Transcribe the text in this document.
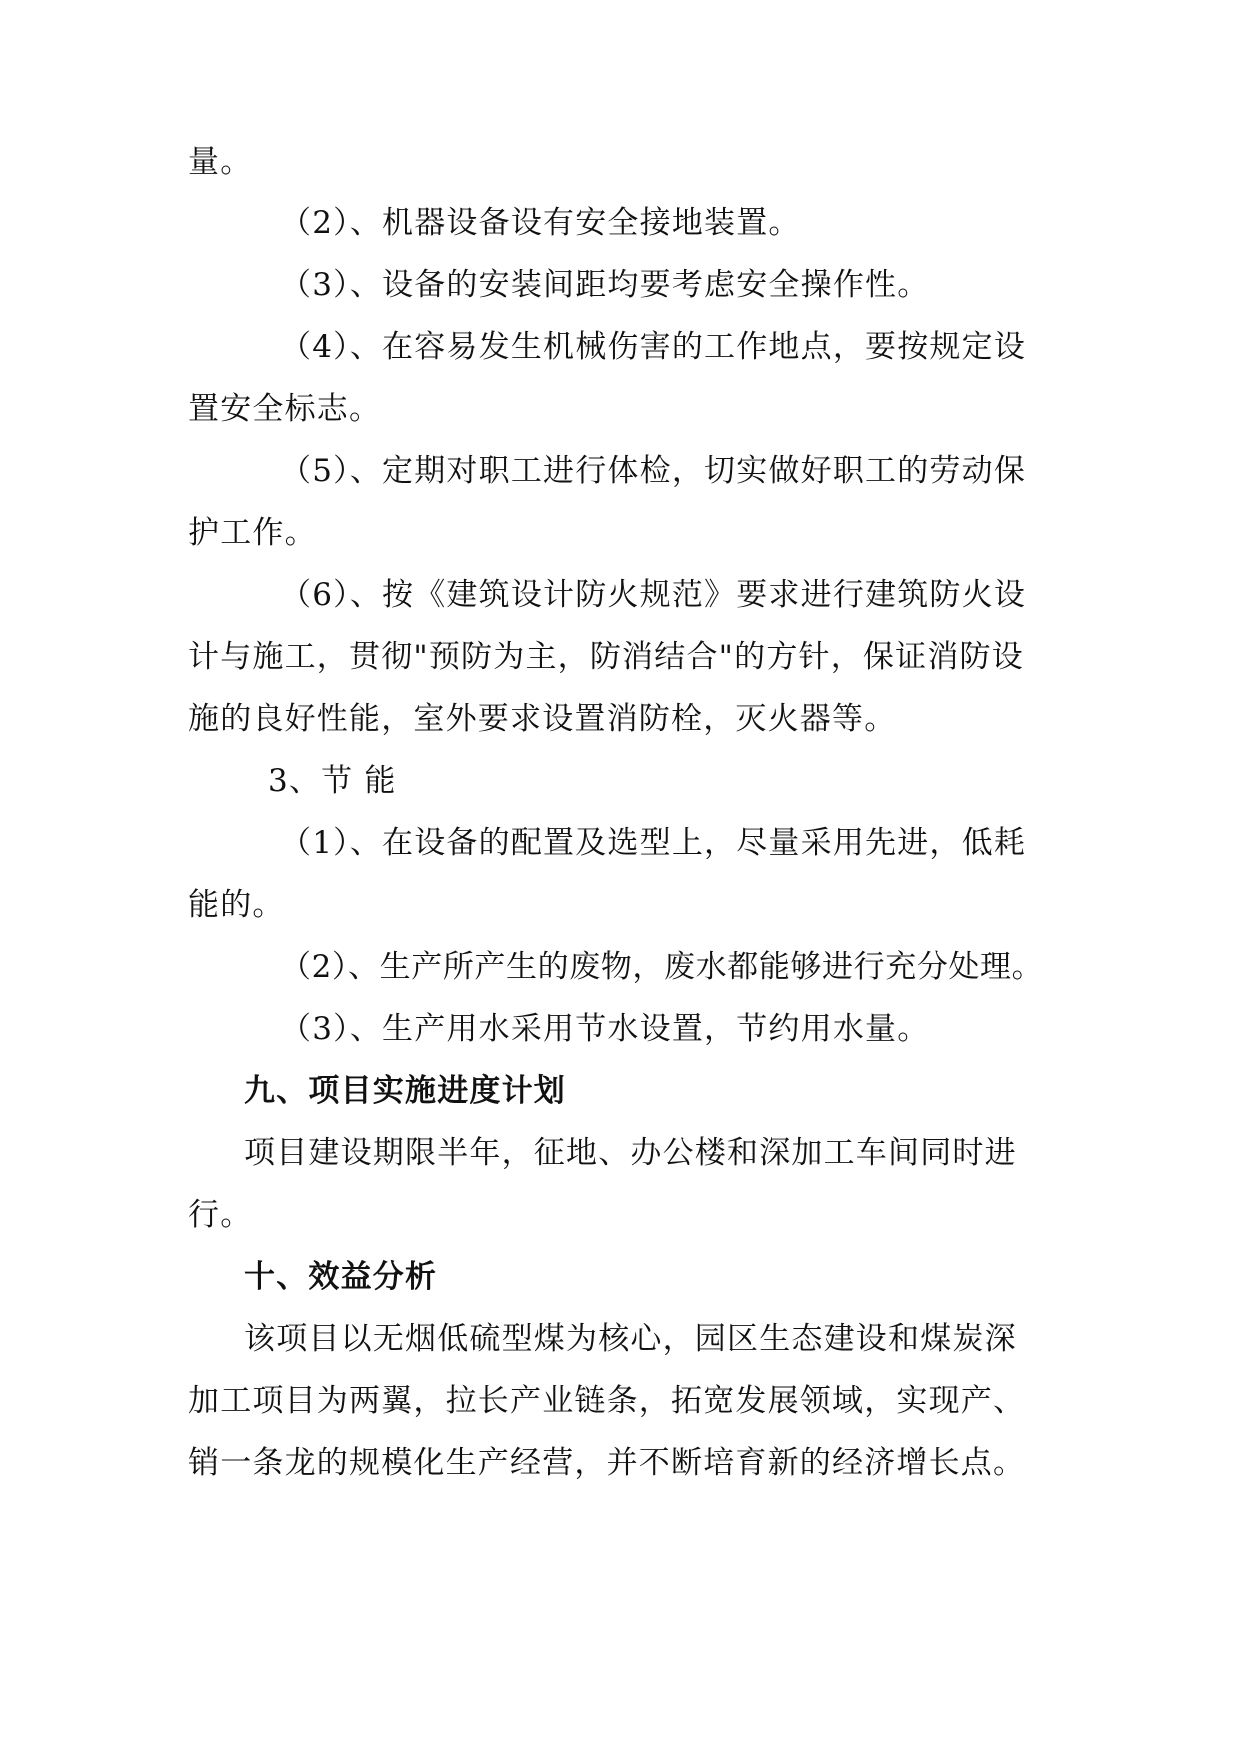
量。
（2）、机器设备设有安全接地装置。
（3）、设备的安装间距均要考虑安全操作性。
（4）、在容易发生机械伤害的工作地点，要按规定设
置安全标志。
（5）、定期对职工进行体检，切实做好职工的劳动保
护工作。
（6）、按《建筑设计防火规范》要求进行建筑防火设
计与施工，贯彻"预防为主，防消结合"的方针，保证消防设
施的良好性能，室外要求设置消防栓，灭火器等。
3、节 能
（1）、在设备的配置及选型上，尽量采用先进，低耗
能的。
（2）、生产所产生的废物，废水都能够进行充分处理。
（3）、生产用水采用节水设置，节约用水量。
九、项目实施进度计划
项目建设期限半年，征地、办公楼和深加工车间同时进
行。
十、效益分析
该项目以无烟低硫型煤为核心，园区生态建设和煤炭深
加工项目为两翼，拉长产业链条，拓宽发展领域，实现产、
销一条龙的规模化生产经营，并不断培育新的经济增长点。
